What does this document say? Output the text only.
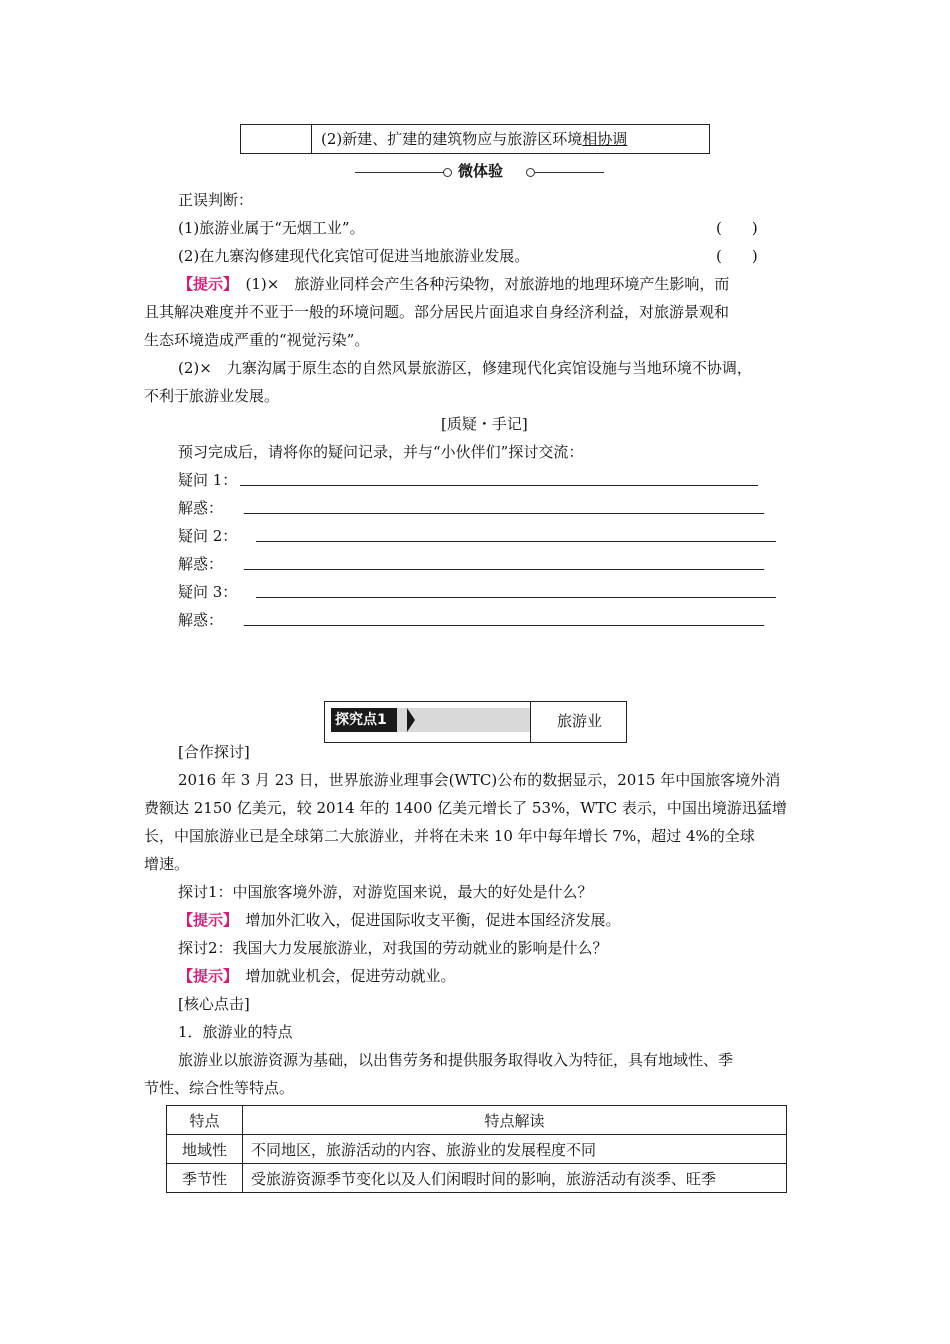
(2)新建、扩建的建筑物应与旅游区环境相协调
微体验
正误判断：
(1)旅游业属于“无烟工业”。	(　　)
(2)在九寨沟修建现代化宾馆可促进当地旅游业发展。	(　　)
【提示】　 (1)×　旅游业同样会产生各种污染物，对旅游地的地理环境产生影响，而
且其解决难度并不亚于一般的环境问题。部分居民片面追求自身经济利益，对旅游景观和
生态环境造成严重的“视觉污染”。
(2)×　九寨沟属于原生态的自然风景旅游区，修建现代化宾馆设施与当地环境不协调，
不利于旅游业发展。
[质疑・手记]
预习完成后，请将你的疑问记录，并与“小伙伴们”探讨交流：
疑问 1：
解惑：
疑问 2：
解惑：
疑问 3：
解惑：
探究点1	旅游业
[合作探讨]
2016 年 3 月 23 日，世界旅游业理事会(WTC)公布的数据显示，2015 年中国旅客境外消
费额达 2150 亿美元，较 2014 年的 1400 亿美元增长了 53%，WTC 表示，中国出境游迅猛增
长，中国旅游业已是全球第二大旅游业，并将在未来 10 年中每年增长 7%，超过 4%的全球
增速。
探讨1：中国旅客境外游，对游览国来说，最大的好处是什么？
【提示】　 增加外汇收入，促进国际收支平衡，促进本国经济发展。
探讨2：我国大力发展旅游业，对我国的劳动就业的影响是什么？
【提示】　 增加就业机会，促进劳动就业。
[核心点击]
1．旅游业的特点
旅游业以旅游资源为基础，以出售劳务和提供服务取得收入为特征，具有地域性、季
节性、综合性等特点。
特点	特点解读
地域性	不同地区，旅游活动的内容、旅游业的发展程度不同
季节性	受旅游资源季节变化以及人们闲暇时间的影响，旅游活动有淡季、旺季
